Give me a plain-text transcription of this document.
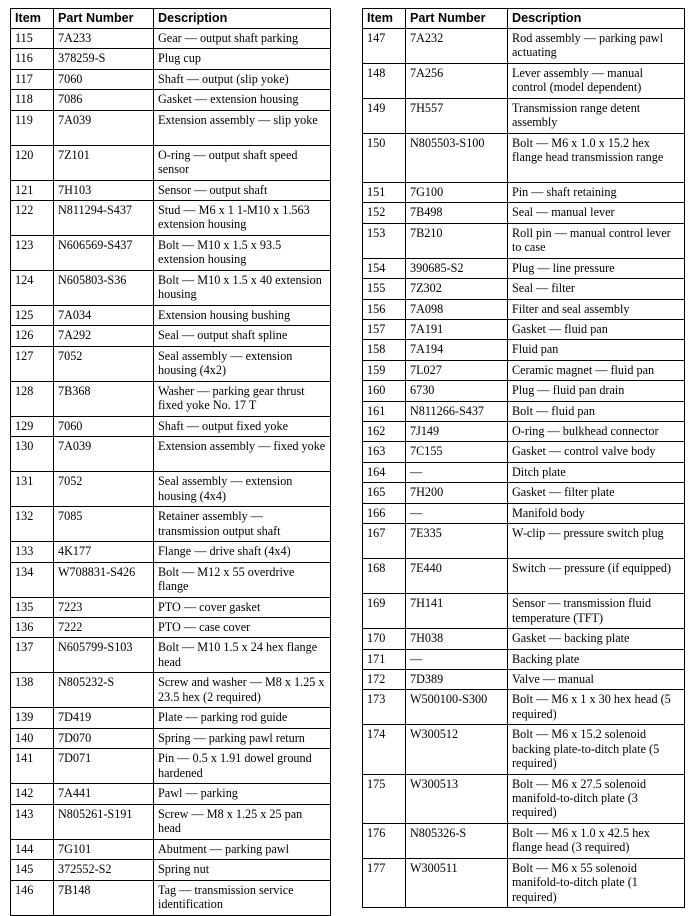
Item	Part Number	Description
115	7A233	Gear — output shaft parking
116	378259-S	Plug cup
117	7060	Shaft — output (slip yoke)
118	7086	Gasket — extension housing
119	7A039	Extension assembly — slip yoke
120	7Z101	O-ring — output shaft speed sensor
121	7H103	Sensor — output shaft
122	N811294-S437	Stud — M6 x 1 1-M10 x 1.563 extension housing
123	N606569-S437	Bolt — M10 x 1.5 x 93.5 extension housing
124	N605803-S36	Bolt — M10 x 1.5 x 40 extension housing
125	7A034	Extension housing bushing
126	7A292	Seal — output shaft spline
127	7052	Seal assembly — extension housing (4x2)
128	7B368	Washer — parking gear thrust fixed yoke No. 17 T
129	7060	Shaft — output fixed yoke
130	7A039	Extension assembly — fixed yoke
131	7052	Seal assembly — extension housing (4x4)
132	7085	Retainer assembly — transmission output shaft
133	4K177	Flange — drive shaft (4x4)
134	W708831-S426	Bolt — M12 x 55 overdrive flange
135	7223	PTO — cover gasket
136	7222	PTO — case cover
137	N605799-S103	Bolt — M10 1.5 x 24 hex flange head
138	N805232-S	Screw and washer — M8 x 1.25 x 23.5 hex (2 required)
139	7D419	Plate — parking rod guide
140	7D070	Spring — parking pawl return
141	7D071	Pin — 0.5 x 1.91 dowel ground hardened
142	7A441	Pawl — parking
143	N805261-S191	Screw — M8 x 1.25 x 25 pan head
144	7G101	Abutment — parking pawl
145	372552-S2	Spring nut
146	7B148	Tag — transmission service identification
Item	Part Number	Description
147	7A232	Rod assembly — parking pawl actuating
148	7A256	Lever assembly — manual control (model dependent)
149	7H557	Transmission range detent assembly
150	N805503-S100	Bolt — M6 x 1.0 x 15.2 hex flange head transmission range
151	7G100	Pin — shaft retaining
152	7B498	Seal — manual lever
153	7B210	Roll pin — manual control lever to case
154	390685-S2	Plug — line pressure
155	7Z302	Seal — filter
156	7A098	Filter and seal assembly
157	7A191	Gasket — fluid pan
158	7A194	Fluid pan
159	7L027	Ceramic magnet — fluid pan
160	6730	Plug — fluid pan drain
161	N811266-S437	Bolt — fluid pan
162	7J149	O-ring — bulkhead connector
163	7C155	Gasket — control valve body
164	—	Ditch plate
165	7H200	Gasket — filter plate
166	—	Manifold body
167	7E335	W-clip — pressure switch plug
168	7E440	Switch — pressure (if equipped)
169	7H141	Sensor — transmission fluid temperature (TFT)
170	7H038	Gasket — backing plate
171	—	Backing plate
172	7D389	Valve — manual
173	W500100-S300	Bolt — M6 x 1 x 30 hex head (5 required)
174	W300512	Bolt — M6 x 15.2 solenoid backing plate-to-ditch plate (5 required)
175	W300513	Bolt — M6 x 27.5 solenoid manifold-to-ditch plate (3 required)
176	N805326-S	Bolt — M6 x 1.0 x 42.5 hex flange head (3 required)
177	W300511	Bolt — M6 x 55 solenoid manifold-to-ditch plate (1 required)
